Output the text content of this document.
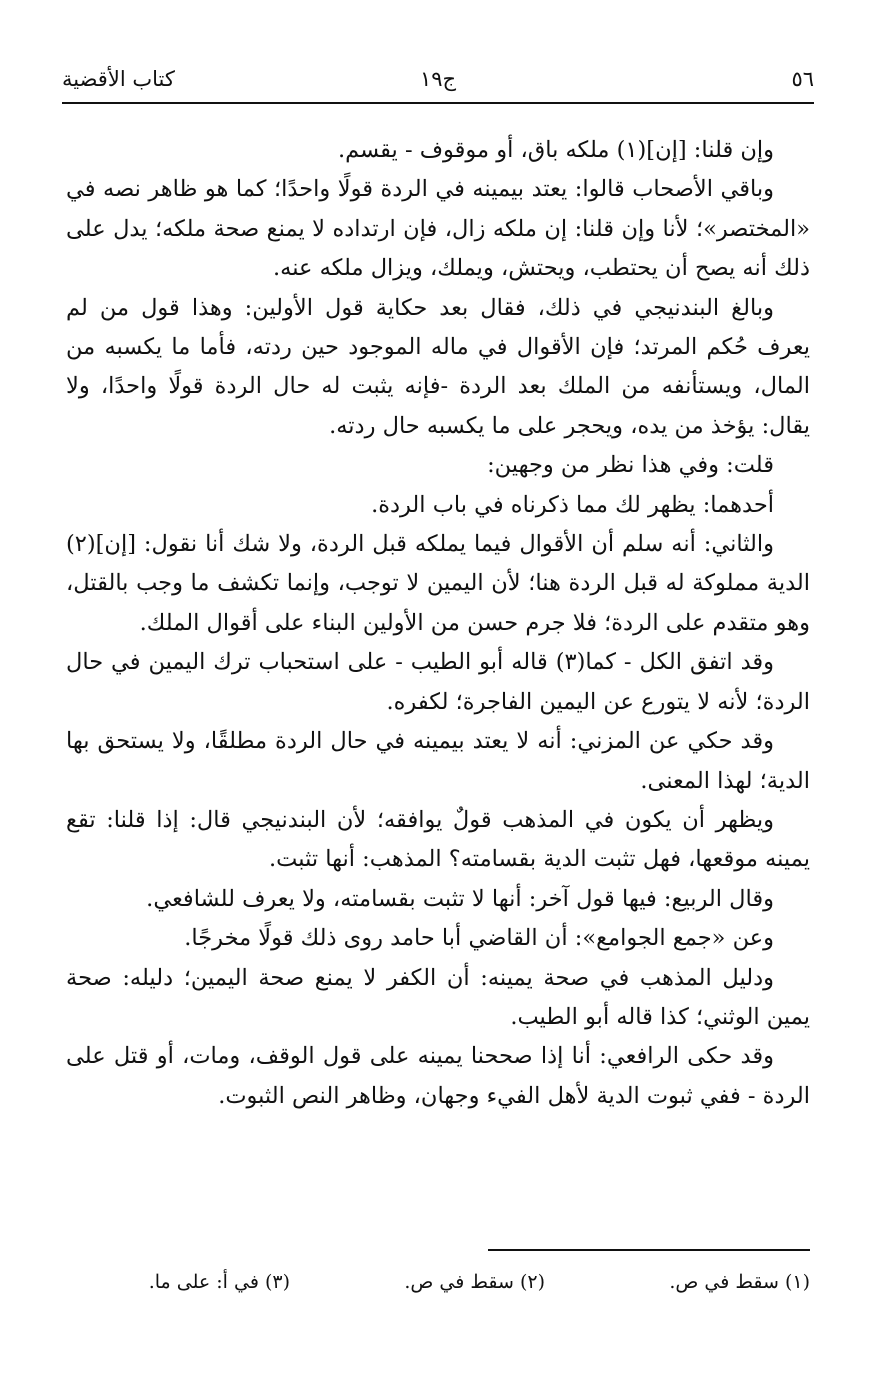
٥٦
ج١٩
كتاب الأقضية

وإن قلنا: [إن](١) ملكه باق، أو موقوف - يقسم.

وباقي الأصحاب قالوا: يعتد بيمينه في الردة قولًا واحدًا؛ كما هو ظاهر نصه في «المختصر»؛ لأنا وإن قلنا: إن ملكه زال، فإن ارتداده لا يمنع صحة ملكه؛ يدل على ذلك أنه يصح أن يحتطب، ويحتش، ويملك، ويزال ملكه عنه.

وبالغ البندنيجي في ذلك، فقال بعد حكاية قول الأولين: وهذا قول من لم يعرف حُكم المرتد؛ فإن الأقوال في ماله الموجود حين ردته، فأما ما يكسبه من المال، ويستأنفه من الملك بعد الردة -فإنه يثبت له حال الردة قولًا واحدًا، ولا يقال: يؤخذ من يده، ويحجر على ما يكسبه حال ردته.

قلت: وفي هذا نظر من وجهين:

أحدهما: يظهر لك مما ذكرناه في باب الردة.

والثاني: أنه سلم أن الأقوال فيما يملكه قبل الردة، ولا شك أنا نقول: [إن](٢) الدية مملوكة له قبل الردة هنا؛ لأن اليمين لا توجب، وإنما تكشف ما وجب بالقتل، وهو متقدم على الردة؛ فلا جرم حسن من الأولين البناء على أقوال الملك.

وقد اتفق الكل - كما(٣) قاله أبو الطيب - على استحباب ترك اليمين في حال الردة؛ لأنه لا يتورع عن اليمين الفاجرة؛ لكفره.

وقد حكي عن المزني: أنه لا يعتد بيمينه في حال الردة مطلقًا، ولا يستحق بها الدية؛ لهذا المعنى.

ويظهر أن يكون في المذهب قولٌ يوافقه؛ لأن البندنيجي قال: إذا قلنا: تقع يمينه موقعها، فهل تثبت الدية بقسامته؟ المذهب: أنها تثبت.

وقال الربيع: فيها قول آخر: أنها لا تثبت بقسامته، ولا يعرف للشافعي.

وعن «جمع الجوامع»: أن القاضي أبا حامد روى ذلك قولًا مخرجًا.

ودليل المذهب في صحة يمينه: أن الكفر لا يمنع صحة اليمين؛ دليله: صحة يمين الوثني؛ كذا قاله أبو الطيب.

وقد حكى الرافعي: أنا إذا صححنا يمينه على قول الوقف، ومات، أو قتل على الردة - ففي ثبوت الدية لأهل الفيء وجهان، وظاهر النص الثبوت.

(١) سقط في ص.
(٢) سقط في ص.
(٣) في أ: على ما.
